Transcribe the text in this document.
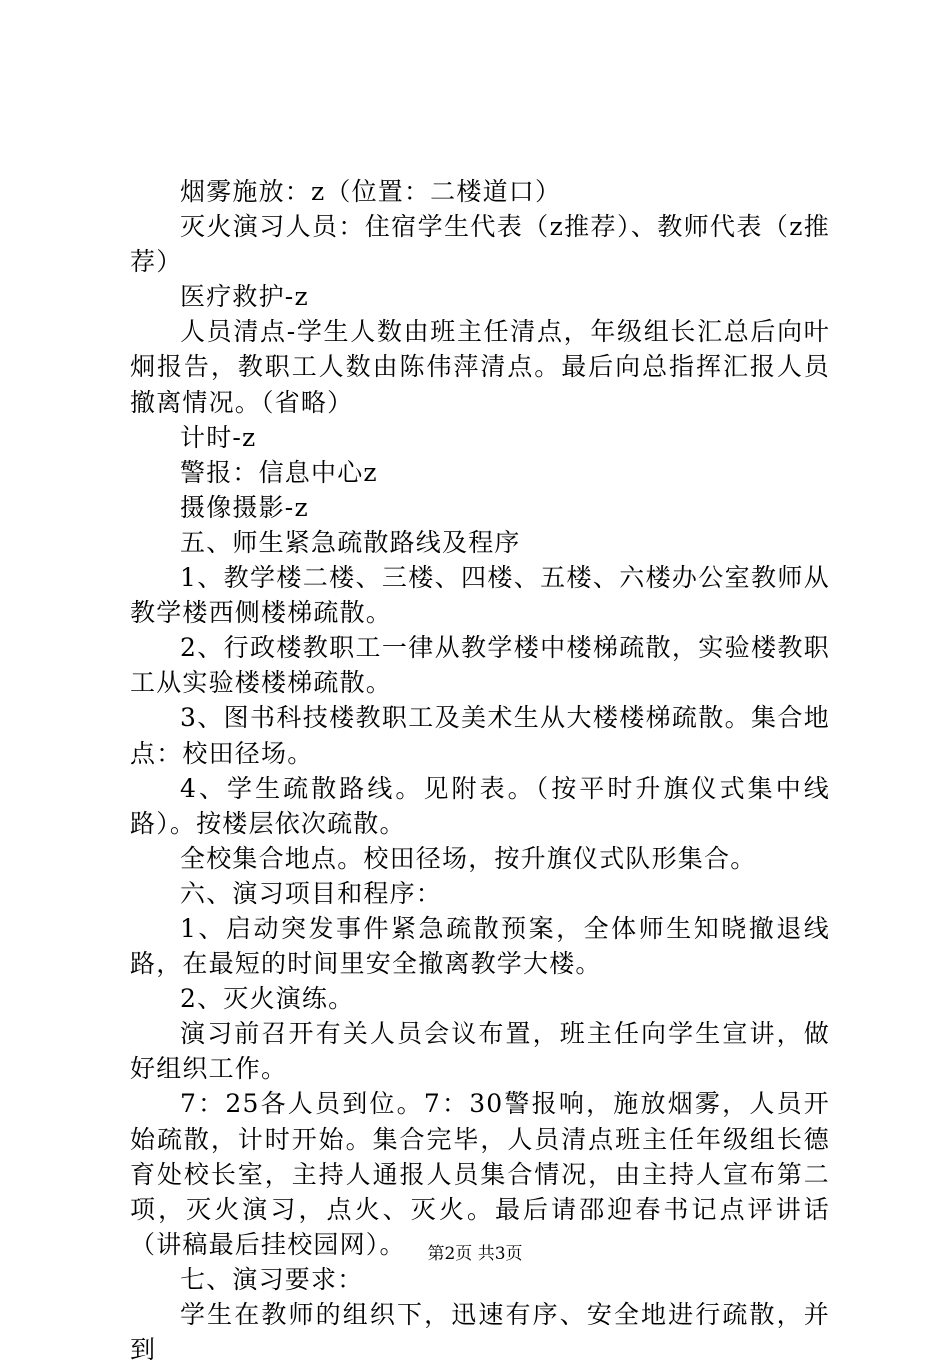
烟雾施放：z（位置：二楼道口）

灭火演习人员：住宿学生代表（z推荐）、教师代表（z推荐）

医疗救护-z

人员清点-学生人数由班主任清点，年级组长汇总后向叶炯报告，教职工人数由陈伟萍清点。最后向总指挥汇报人员撤离情况。（省略）

计时-z

警报：信息中心z

摄像摄影-z

五、师生紧急疏散路线及程序

1、教学楼二楼、三楼、四楼、五楼、六楼办公室教师从教学楼西侧楼梯疏散。

2、行政楼教职工一律从教学楼中楼梯疏散，实验楼教职工从实验楼楼梯疏散。

3、图书科技楼教职工及美术生从大楼楼梯疏散。集合地点：校田径场。

4、学生疏散路线。见附表。（按平时升旗仪式集中线路）。按楼层依次疏散。

全校集合地点。校田径场，按升旗仪式队形集合。

六、演习项目和程序：

1、启动突发事件紧急疏散预案，全体师生知晓撤退线路，在最短的时间里安全撤离教学大楼。

2、灭火演练。

演习前召开有关人员会议布置，班主任向学生宣讲，做好组织工作。

7：25各人员到位。7：30警报响，施放烟雾，人员开始疏散，计时开始。集合完毕，人员清点班主任年级组长德育处校长室，主持人通报人员集合情况，由主持人宣布第二项，灭火演习，点火、灭火。最后请邵迎春书记点评讲话（讲稿最后挂校园网）。

七、演习要求：

学生在教师的组织下，迅速有序、安全地进行疏散，并到

第2页 共3页
